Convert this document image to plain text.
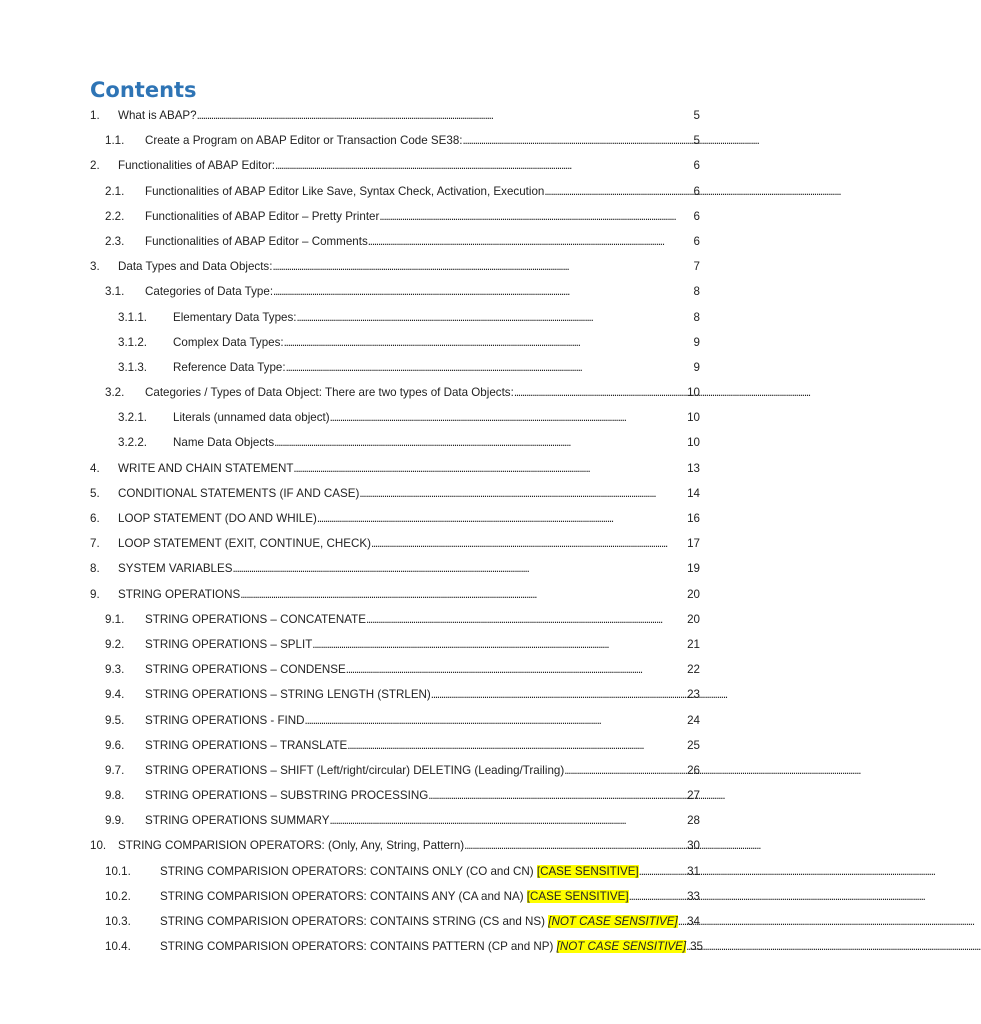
Contents
1.	What is ABAP? . . .	5
1.1.	Create a Program on ABAP Editor or Transaction Code SE38: . . .	5
2.	Functionalities of ABAP Editor: . . .	6
2.1.	Functionalities of ABAP Editor Like Save, Syntax Check, Activation, Execution . . .	6
2.2.	Functionalities of ABAP Editor – Pretty Printer . . .	6
2.3.	Functionalities of ABAP Editor – Comments . . .	6
3.	Data Types and Data Objects: . . .	7
3.1.	Categories of Data Type: . . .	8
3.1.1.	Elementary Data Types: . . .	8
3.1.2.	Complex Data Types: . . .	9
3.1.3.	Reference Data Type: . . .	9
3.2.	Categories / Types of Data Object: There are two types of Data Objects: . . .	10
3.2.1.	Literals (unnamed data object) . . .	10
3.2.2.	Name Data Objects . . .	10
4.	WRITE AND CHAIN STATEMENT . . .	13
5.	CONDITIONAL STATEMENTS (IF AND CASE) . . .	14
6.	LOOP STATEMENT (DO AND WHILE) . . .	16
7.	LOOP STATEMENT (EXIT, CONTINUE, CHECK) . . .	17
8.	SYSTEM VARIABLES . . .	19
9.	STRING OPERATIONS . . .	20
9.1.	STRING OPERATIONS – CONCATENATE . . .	20
9.2.	STRING OPERATIONS – SPLIT . . .	21
9.3.	STRING OPERATIONS – CONDENSE . . .	22
9.4.	STRING OPERATIONS – STRING LENGTH (STRLEN) . . .	23
9.5.	STRING OPERATIONS - FIND . . .	24
9.6.	STRING OPERATIONS – TRANSLATE . . .	25
9.7.	STRING OPERATIONS – SHIFT (Left/right/circular) DELETING (Leading/Trailing) . . .	26
9.8.	STRING OPERATIONS – SUBSTRING PROCESSING . . .	27
9.9.	STRING OPERATIONS SUMMARY . . .	28
10.	STRING COMPARISION OPERATORS: (Only, Any, String, Pattern) . . .	30
10.1.	STRING COMPARISION OPERATORS: CONTAINS ONLY (CO and CN) [CASE SENSITIVE] . . .	31
10.2.	STRING COMPARISION OPERATORS: CONTAINS ANY (CA and NA) [CASE SENSITIVE] . . .	33
10.3.	STRING COMPARISION OPERATORS: CONTAINS STRING (CS and NS) [NOT CASE SENSITIVE] . . . 34
10.4.	STRING COMPARISION OPERATORS: CONTAINS PATTERN (CP and NP) [NOT CASE SENSITIVE] . . . 35
